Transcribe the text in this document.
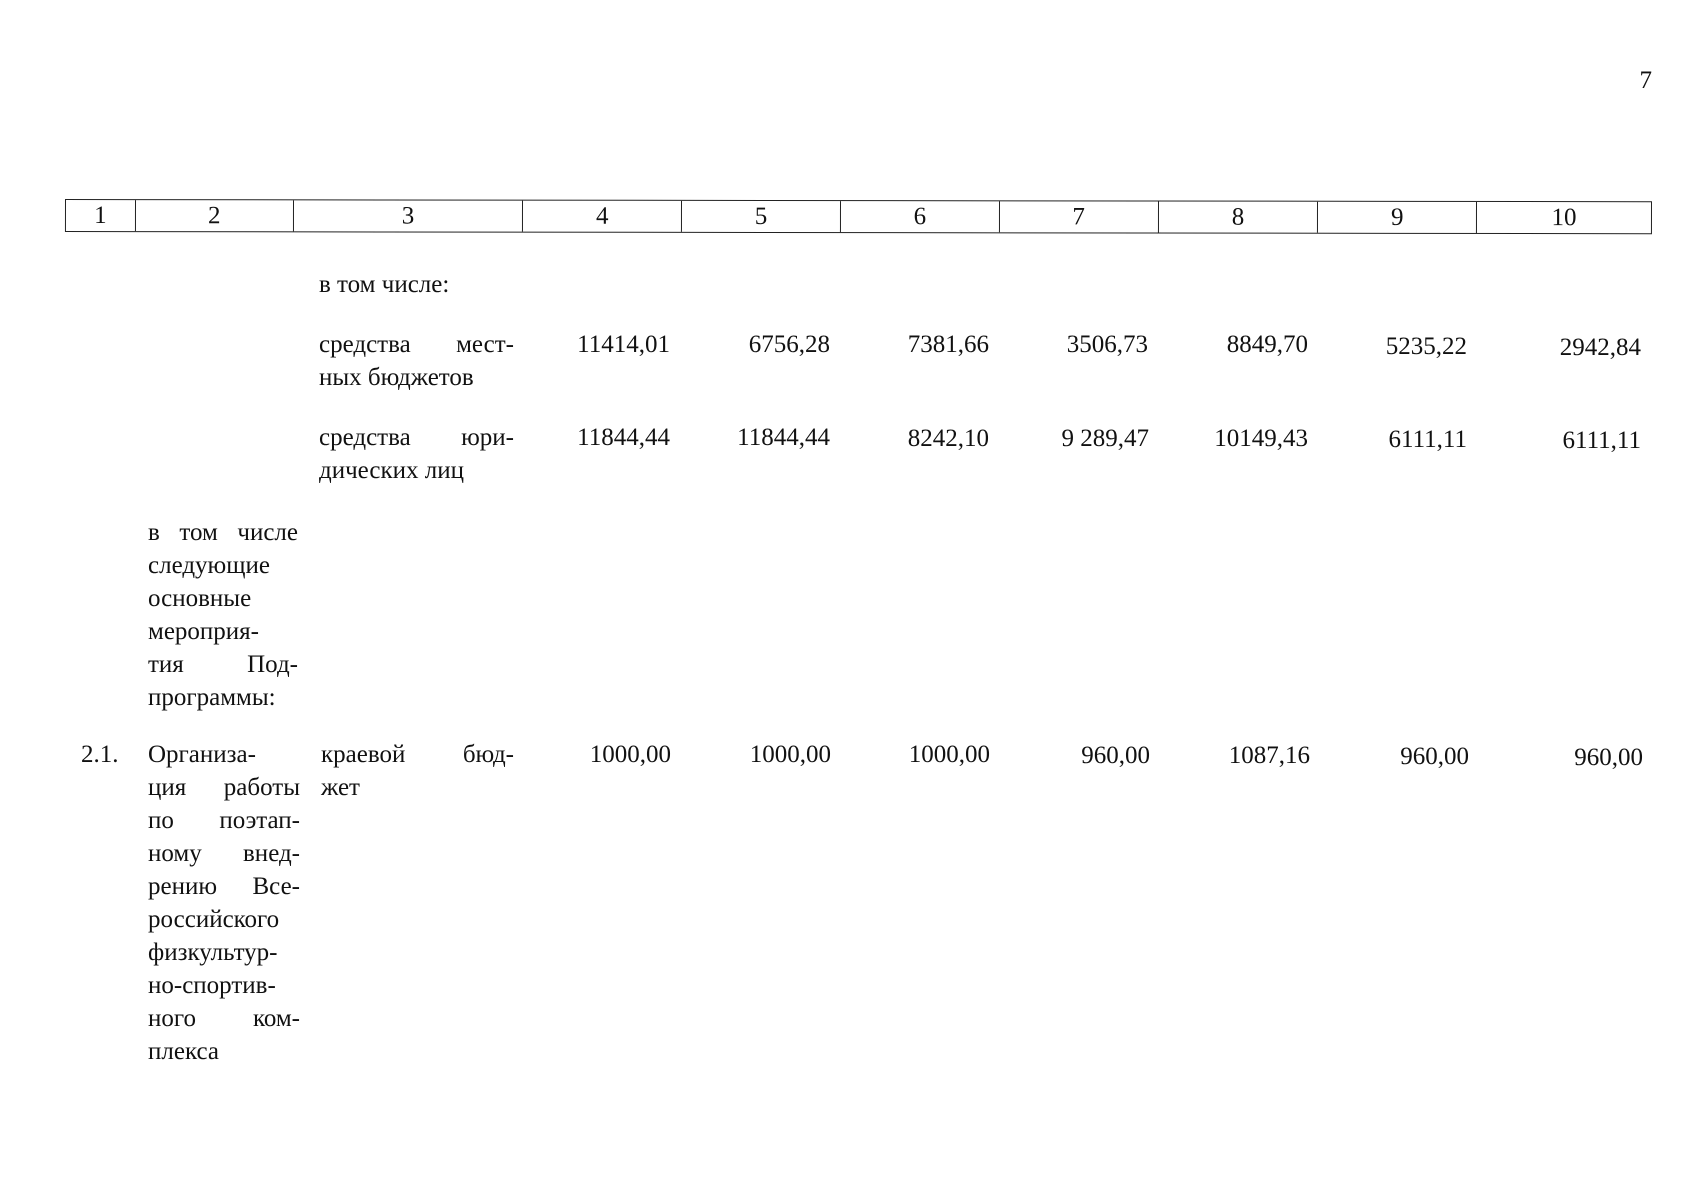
7
1	2	3	4	5	6	7	8	9	10
в том числе:
средства мест-
ных бюджетов
11414,01	6756,28	7381,66	3506,73	8849,70	5235,22	2942,84
средства юри-
дических лиц
11844,44	11844,44	8242,10	9 289,47	10149,43	6111,11	6111,11
в том числе
следующие
основные
мероприя-
тия Под-
программы:
2.1. Организа-
ция работы
по поэтап-
ному внед-
рению Все-
российского
физкультур-
но-спортив-
ного ком-
плекса
краевой бюд-
жет
1000,00	1000,00	1000,00	960,00	1087,16	960,00	960,00
